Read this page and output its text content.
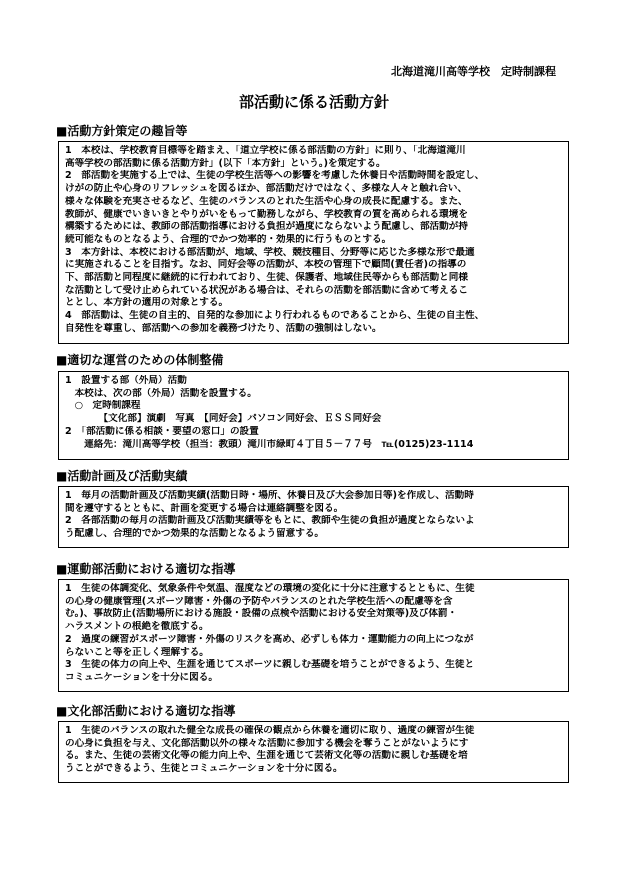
北海道滝川高等学校　定時制課程
部活動に係る活動方針
■活動方針策定の趣旨等
1　本校は、学校教育目標等を踏まえ、「道立学校に係る部活動の方針」に則り、「北海道滝川
高等学校の部活動に係る活動方針」(以下「本方針」という。)を策定する。
2　部活動を実施する上では、生徒の学校生活等への影響を考慮した休養日や活動時間を設定し、
けがの防止や心身のリフレッシュを図るほか、部活動だけではなく、多様な人々と触れ合い、
様々な体験を充実させるなど、生徒のバランスのとれた生活や心身の成長に配慮する。また、
教師が、健康でいきいきとやりがいをもって勤務しながら、学校教育の質を高められる環境を
構築するためには、教師の部活動指導における負担が過度にならないよう配慮し、部活動が持
続可能なものとなるよう、合理的でかつ効率的・効果的に行うものとする。
3　本方針は、本校における部活動が、地域、学校、競技種目、分野等に応じた多様な形で最適
に実施されることを目指す。なお、同好会等の活動が、本校の管理下で顧問(責任者)の指導の
下、部活動と同程度に継続的に行われており、生徒、保護者、地域住民等からも部活動と同様
な活動として受け止められている状況がある場合は、それらの活動を部活動に含めて考えるこ
ととし、本方針の適用の対象とする。
4　部活動は、生徒の自主的、自発的な参加により行われるものであることから、生徒の自主性、
自発性を尊重し、部活動への参加を義務づけたり、活動の強制はしない。
■適切な運営のための体制整備
1　設置する部（外局）活動
　本校は、次の部（外局）活動を設置する。
　○　定時制課程
　　　　【文化部】演劇　写真　【同好会】パソコン同好会、ＥＳＳ同好会
2　「部活動に係る相談・要望の窓口」の設置
　　連絡先：滝川高等学校（担当：教頭）滝川市緑町４丁目５－７７号　℡(0125)23-1114
■活動計画及び活動実績
1　毎月の活動計画及び活動実績(活動日時・場所、休養日及び大会参加日等)を作成し、活動時
間を遵守するとともに、計画を変更する場合は連絡調整を図る。
2　各部活動の毎月の活動計画及び活動実績等をもとに、教師や生徒の負担が過度とならないよ
う配慮し、合理的でかつ効果的な活動となるよう留意する。
■運動部活動における適切な指導
1　生徒の体調変化、気象条件や気温、湿度などの環境の変化に十分に注意するとともに、生徒
の心身の健康管理(スポーツ障害・外傷の予防やバランスのとれた学校生活への配慮等を含
む。)、事故防止(活動場所における施設・設備の点検や活動における安全対策等)及び体罰・
ハラスメントの根絶を徹底する。
2　過度の練習がスポーツ障害・外傷のリスクを高め、必ずしも体力・運動能力の向上につなが
らないこと等を正しく理解する。
3　生徒の体力の向上や、生涯を通じてスポーツに親しむ基礎を培うことができるよう、生徒と
コミュニケーションを十分に図る。
■文化部活動における適切な指導
1　生徒のバランスの取れた健全な成長の確保の観点から休養を適切に取り、過度の練習が生徒
の心身に負担を与え、文化部活動以外の様々な活動に参加する機会を奪うことがないようにす
る。また、生徒の芸術文化等の能力向上や、生涯を通じて芸術文化等の活動に親しむ基礎を培
うことができるよう、生徒とコミュニケーションを十分に図る。
